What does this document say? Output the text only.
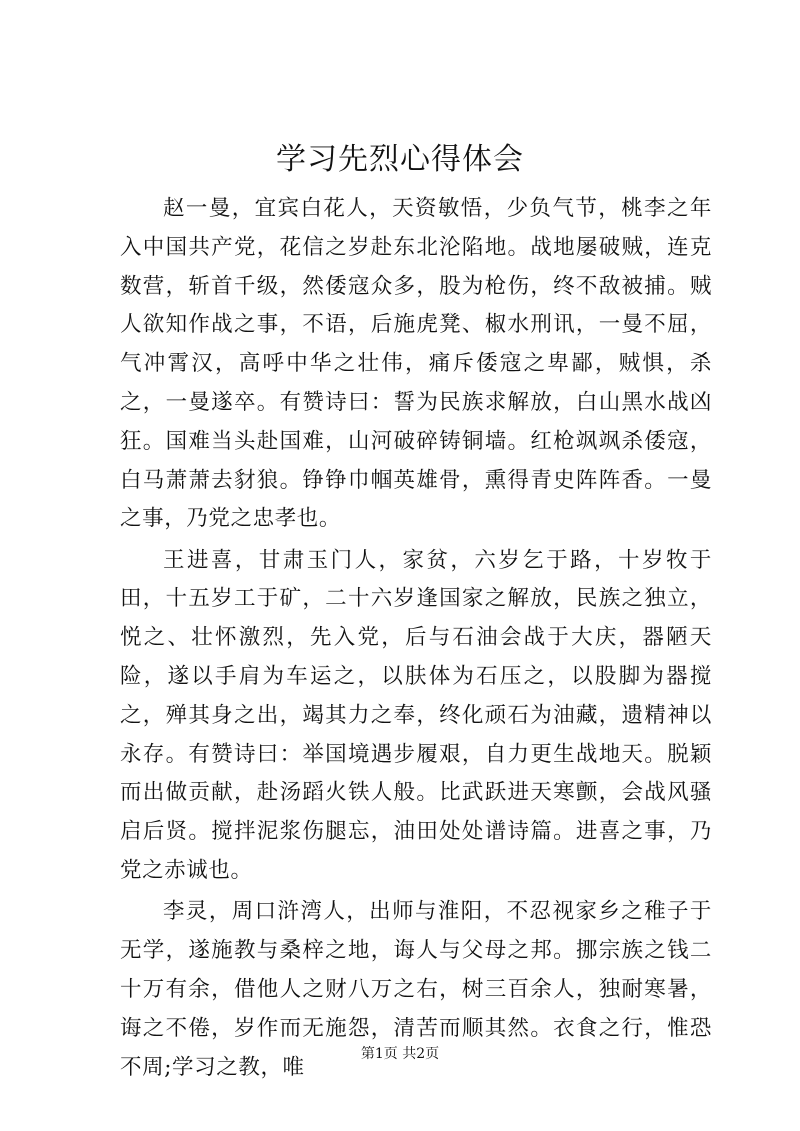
学习先烈心得体会

赵一曼，宜宾白花人，天资敏悟，少负气节，桃李之年入中国共产党，花信之岁赴东北沦陷地。战地屡破贼，连克数营，斩首千级，然倭寇众多，股为枪伤，终不敌被捕。贼人欲知作战之事，不语，后施虎凳、椒水刑讯，一曼不屈，气冲霄汉，高呼中华之壮伟，痛斥倭寇之卑鄙，贼惧，杀之，一曼遂卒。有赞诗曰：誓为民族求解放，白山黑水战凶狂。国难当头赴国难，山河破碎铸铜墙。红枪飒飒杀倭寇，白马萧萧去豺狼。铮铮巾帼英雄骨，熏得青史阵阵香。一曼之事，乃党之忠孝也。

王进喜，甘肃玉门人，家贫，六岁乞于路，十岁牧于田，十五岁工于矿，二十六岁逢国家之解放，民族之独立，悦之、壮怀激烈，先入党，后与石油会战于大庆，器陋天险，遂以手肩为车运之，以肤体为石压之，以股脚为器搅之，殚其身之出，竭其力之奉，终化顽石为油藏，遗精神以永存。有赞诗曰：举国境遇步履艰，自力更生战地天。脱颖而出做贡献，赴汤蹈火铁人般。比武跃进天寒颤，会战风骚启后贤。搅拌泥浆伤腿忘，油田处处谱诗篇。进喜之事，乃党之赤诚也。

李灵，周口浒湾人，出师与淮阳，不忍视家乡之稚子于无学，遂施教与桑梓之地，诲人与父母之邦。挪宗族之钱二十万有余，借他人之财八万之右，树三百余人，独耐寒暑，诲之不倦，岁作而无施怨，清苦而顺其然。衣食之行，惟恐不周;学习之教，唯

第1页 共2页
